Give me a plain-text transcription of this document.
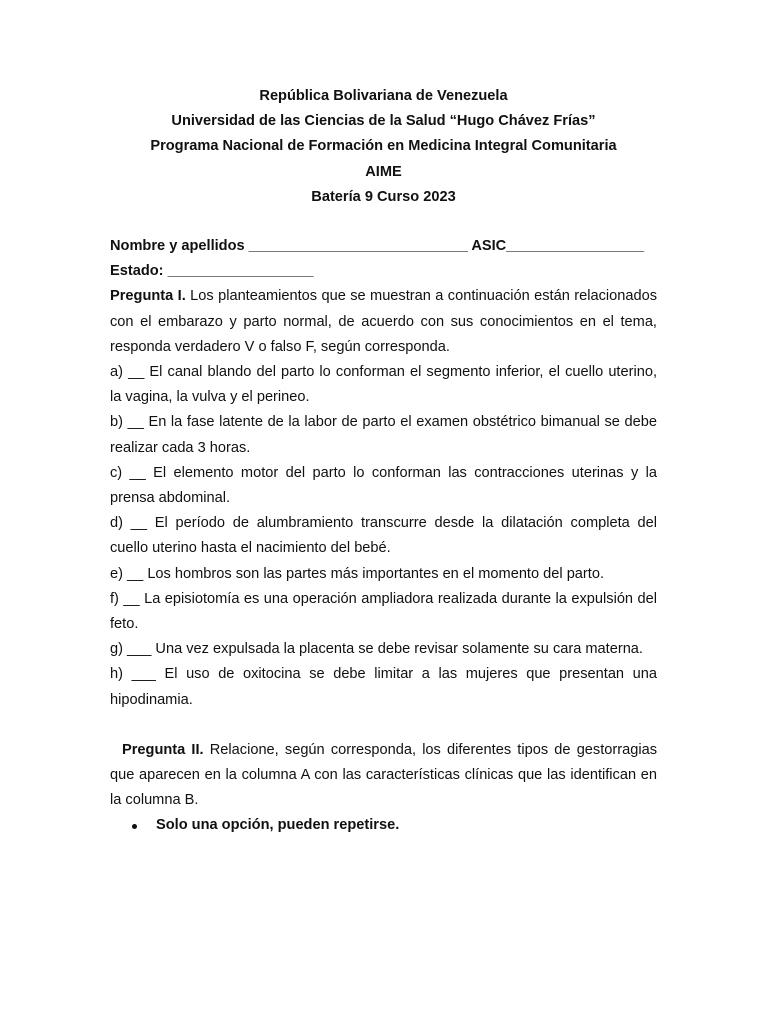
República Bolivariana de Venezuela

Universidad de las Ciencias de la Salud “Hugo Chávez Frías”

Programa Nacional de Formación en Medicina Integral Comunitaria

AIME

Batería 9 Curso 2023

Nombre y apellidos ___________________________ ASIC_________________

Estado: __________________

Pregunta I. Los planteamientos que se muestran a continuación están relacionados con el embarazo y parto normal, de acuerdo con sus conocimientos en el tema, responda verdadero V o falso F, según corresponda.

a) __ El canal blando del parto lo conforman el segmento inferior, el cuello uterino, la vagina, la vulva y el perineo.

b) __ En la fase latente de la labor de parto el examen obstétrico bimanual se debe realizar cada 3 horas.

c) __ El elemento motor del parto lo conforman las contracciones uterinas y la prensa abdominal.

d) __ El período de alumbramiento transcurre desde la dilatación completa del cuello uterino hasta el nacimiento del bebé.

e) __ Los hombros son las partes más importantes en el momento del parto.

f) __ La episiotomía es una operación ampliadora realizada durante la expulsión del feto.

g) ___ Una vez expulsada la placenta se debe revisar solamente su cara materna.

h) ___ El uso de oxitocina se debe limitar a las mujeres que presentan una hipodinamia.

Pregunta II. Relacione, según corresponda, los diferentes tipos de gestorragias que aparecen en la columna A con las características clínicas que las identifican en la columna B.

Solo una opción, pueden repetirse.
